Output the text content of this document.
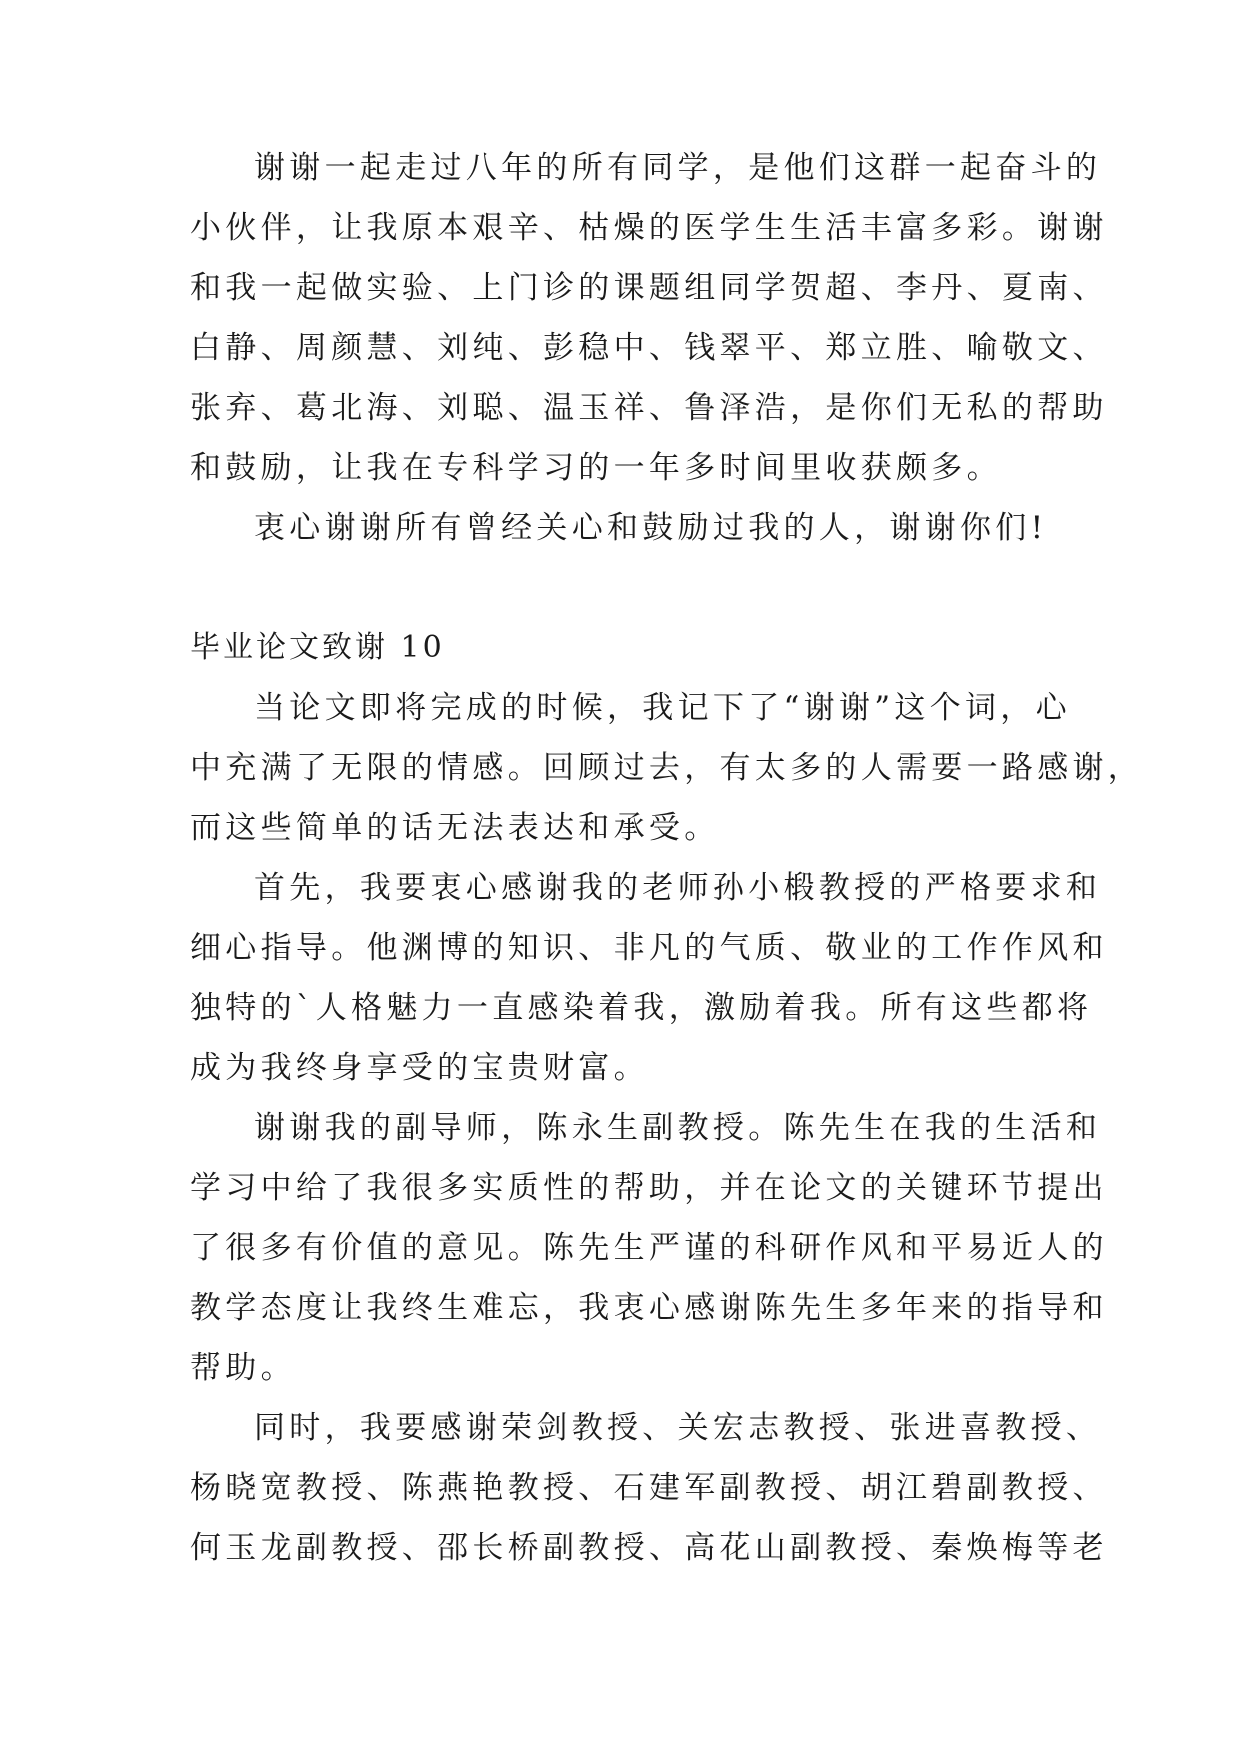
谢谢一起走过八年的所有同学，是他们这群一起奋斗的
小伙伴，让我原本艰辛、枯燥的医学生生活丰富多彩。谢谢
和我一起做实验、上门诊的课题组同学贺超、李丹、夏南、
白静、周颜慧、刘纯、彭稳中、钱翠平、郑立胜、喻敬文、
张弃、葛北海、刘聪、温玉祥、鲁泽浩，是你们无私的帮助
和鼓励，让我在专科学习的一年多时间里收获颇多。
衷心谢谢所有曾经关心和鼓励过我的人，谢谢你们!
毕业论文致谢 10
当论文即将完成的时候，我记下了“谢谢”这个词，心
中充满了无限的情感。回顾过去，有太多的人需要一路感谢，
而这些简单的话无法表达和承受。
首先，我要衷心感谢我的老师孙小椴教授的严格要求和
细心指导。他渊博的知识、非凡的气质、敬业的工作作风和
独特的`人格魅力一直感染着我，激励着我。所有这些都将
成为我终身享受的宝贵财富。
谢谢我的副导师，陈永生副教授。陈先生在我的生活和
学习中给了我很多实质性的帮助，并在论文的关键环节提出
了很多有价值的意见。陈先生严谨的科研作风和平易近人的
教学态度让我终生难忘，我衷心感谢陈先生多年来的指导和
帮助。
同时，我要感谢荣剑教授、关宏志教授、张进喜教授、
杨晓宽教授、陈燕艳教授、石建军副教授、胡江碧副教授、
何玉龙副教授、邵长桥副教授、高花山副教授、秦焕梅等老
